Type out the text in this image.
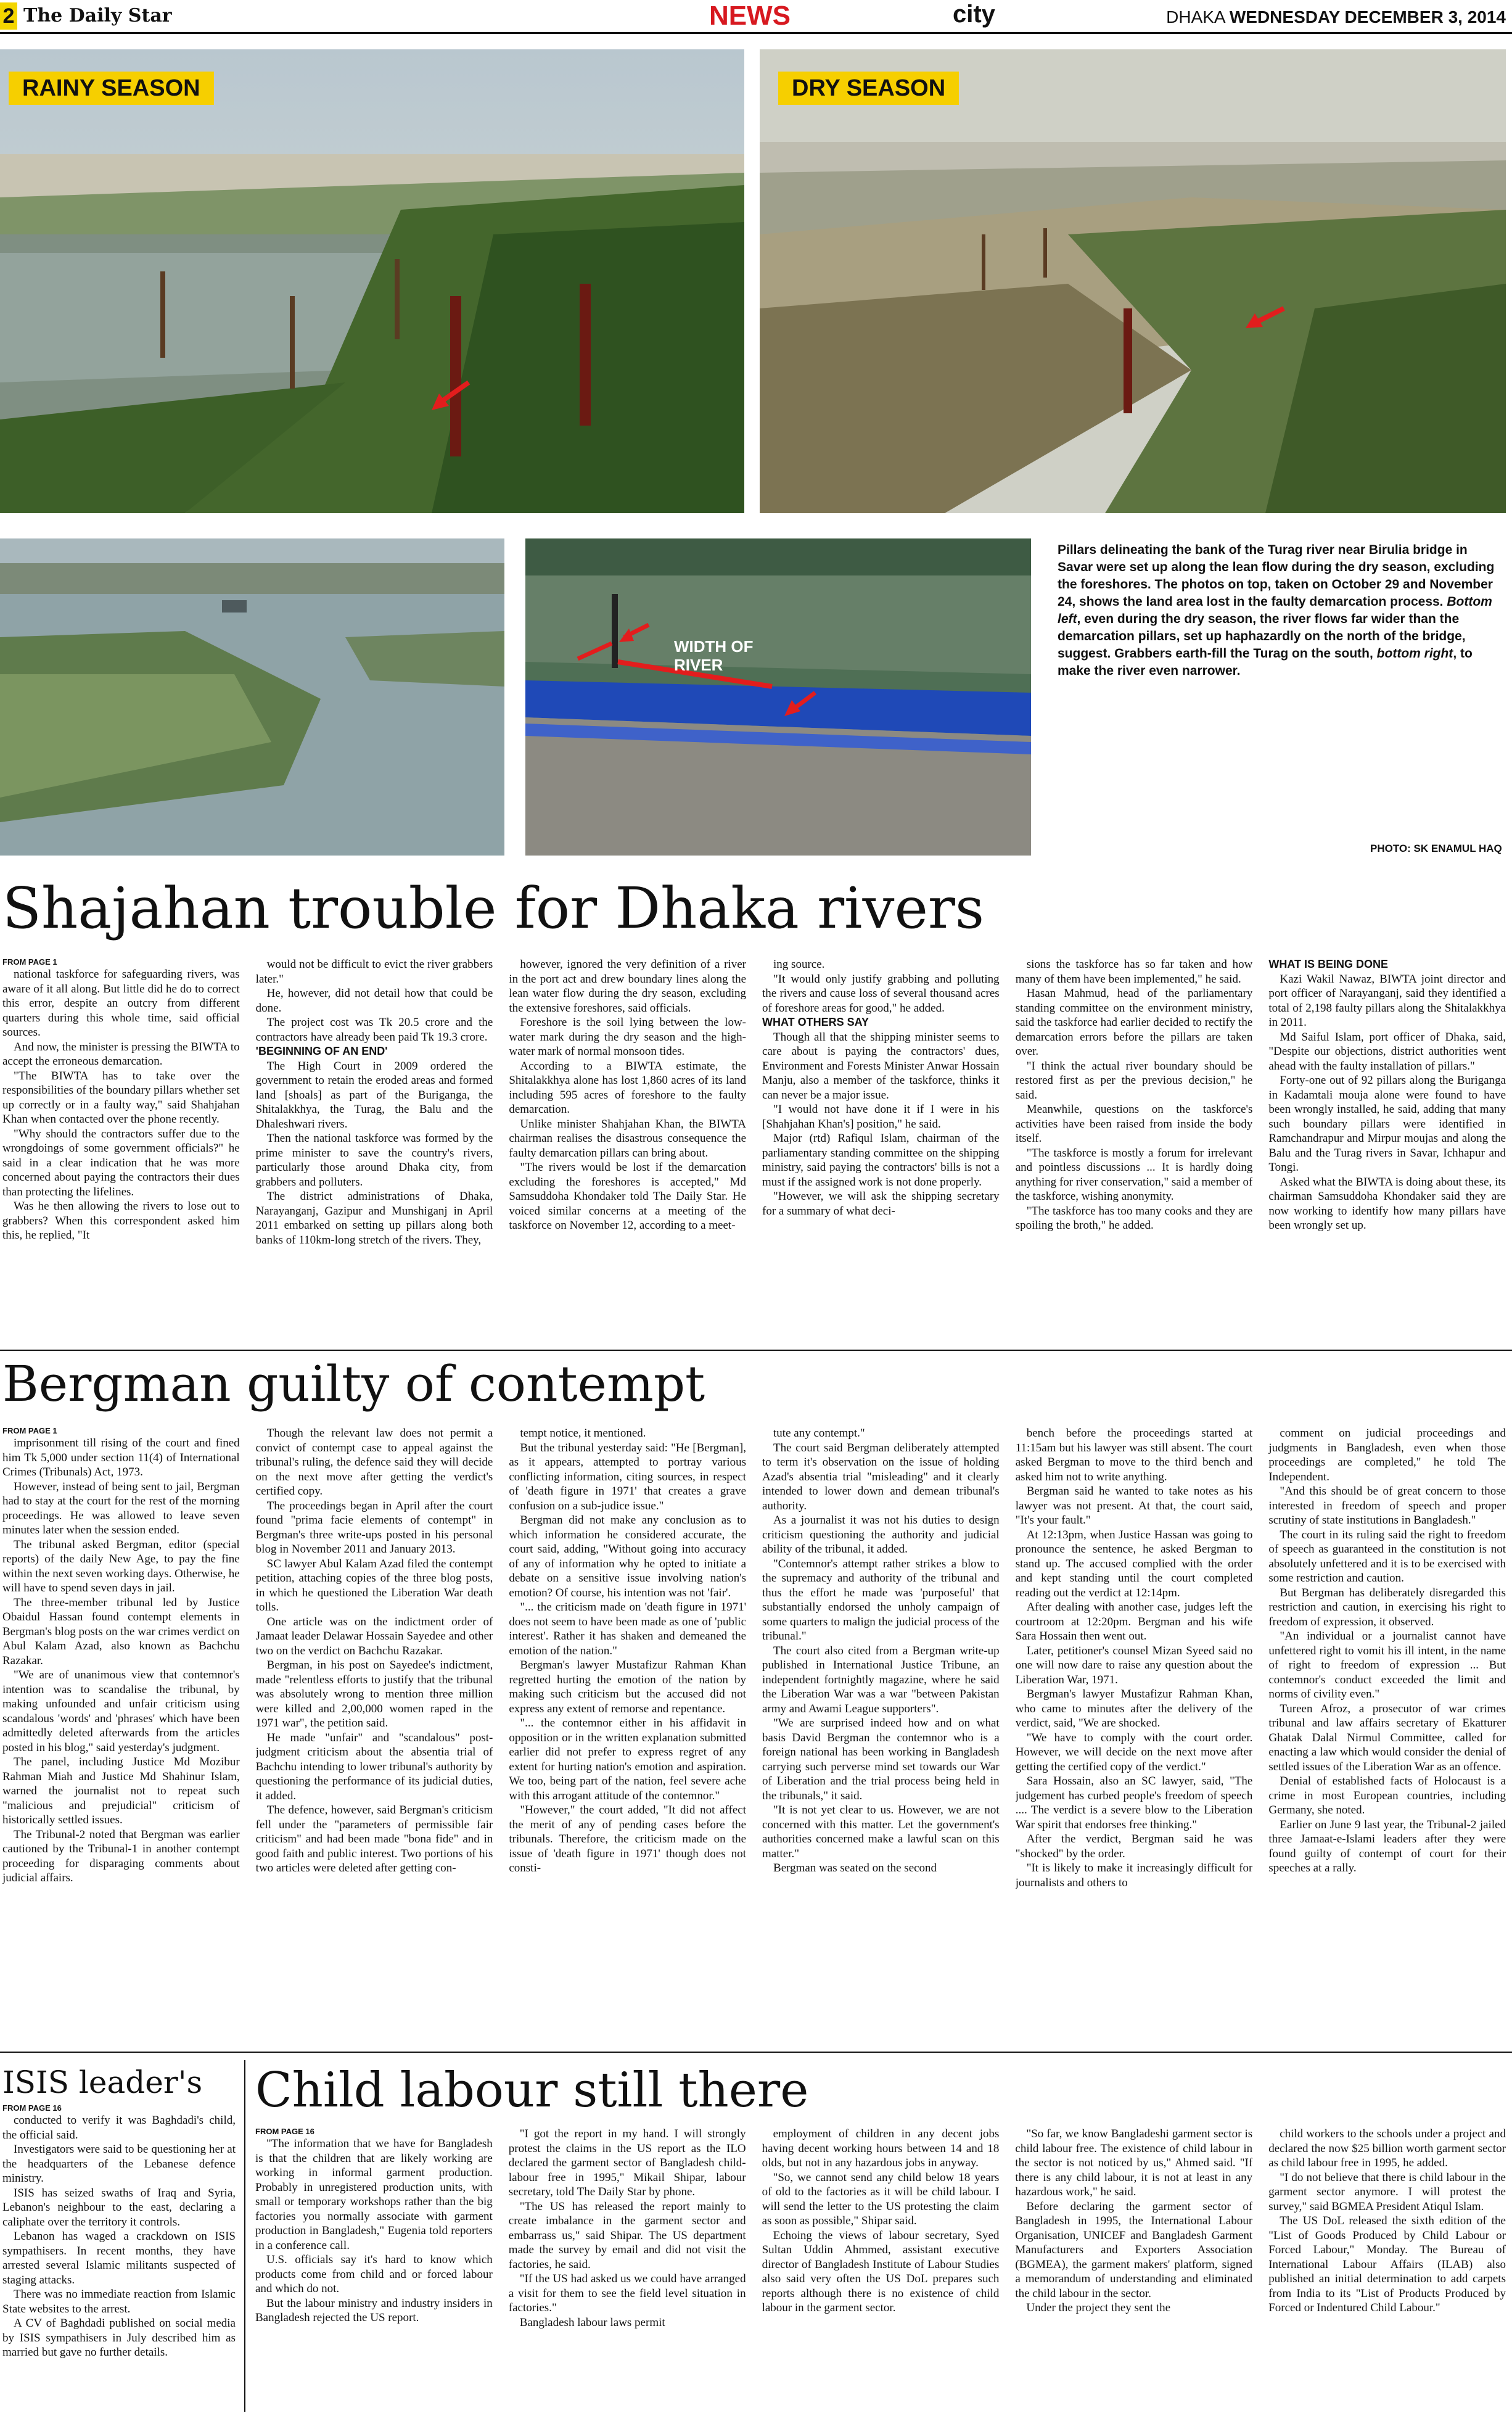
2 The Daily Star	NEWS	city	DHAKA WEDNESDAY DECEMBER 3, 2014
RAINY SEASON	DRY SEASON
WIDTH OF
RIVER
Pillars delineating the bank of the Turag river near Birulia bridge in Savar were set up along the lean flow during the dry season, excluding the foreshores. The photos on top, taken on October 29 and November 24, shows the land area lost in the faulty demarcation process. Bottom left, even during the dry season, the river flows far wider than the demarcation pillars, set up haphazardly on the north of the bridge, suggest. Grabbers earth-fill the Turag on the south, bottom right, to make the river even narrower.
PHOTO: SK ENAMUL HAQ
Shajahan trouble for Dhaka rivers
FROM PAGE 1

national taskforce for safeguarding rivers, was aware of it all along. But little did he do to correct this error, despite an outcry from different quarters during this whole time, said official sources.

And now, the minister is pressing the BIWTA to accept the erroneous demarcation.

"The BIWTA has to take over the responsibilities of the boundary pillars whether set up correctly or in a faulty way," said Shahjahan Khan when contacted over the phone recently.

"Why should the contractors suffer due to the wrongdoings of some government officials?" he said in a clear indication that he was more concerned about paying the contractors their dues than protecting the lifelines.

Was he then allowing the rivers to lose out to grabbers? When this correspondent asked him this, he replied, "It

would not be difficult to evict the river grabbers later."

He, however, did not detail how that could be done.

The project cost was Tk 20.5 crore and the contractors have already been paid Tk 19.3 crore.

'BEGINNING OF AN END'

The High Court in 2009 ordered the government to retain the eroded areas and formed land [shoals] as part of the Buriganga, the Shitalakkhya, the Turag, the Balu and the Dhaleshwari rivers.

Then the national taskforce was formed by the prime minister to save the country's rivers, particularly those around Dhaka city, from grabbers and polluters.

The district administrations of Dhaka, Narayanganj, Gazipur and Munshiganj in April 2011 embarked on setting up pillars along both banks of 110km-long stretch of the rivers. They,

however, ignored the very definition of a river in the port act and drew boundary lines along the lean water flow during the dry season, excluding the extensive foreshores, said officials.

Foreshore is the soil lying between the low-water mark during the dry season and the high-water mark of normal monsoon tides.

According to a BIWTA estimate, the Shitalakkhya alone has lost 1,860 acres of its land including 595 acres of foreshore to the faulty demarcation.

Unlike minister Shahjahan Khan, the BIWTA chairman realises the disastrous consequence the faulty demarcation pillars can bring about.

"The rivers would be lost if the demarcation excluding the foreshores is accepted," Md Samsuddoha Khondaker told The Daily Star. He voiced similar concerns at a meeting of the taskforce on November 12, according to a meet-

ing source.

"It would only justify grabbing and polluting the rivers and cause loss of several thousand acres of foreshore areas for good," he added.

WHAT OTHERS SAY

Though all that the shipping minister seems to care about is paying the contractors' dues, Environment and Forests Minister Anwar Hossain Manju, also a member of the taskforce, thinks it can never be a major issue.

"I would not have done it if I were in his [Shahjahan Khan's] position," he said.

Major (rtd) Rafiqul Islam, chairman of the parliamentary standing committee on the shipping ministry, said paying the contractors' bills is not a must if the assigned work is not done properly.

"However, we will ask the shipping secretary for a summary of what deci-

sions the taskforce has so far taken and how many of them have been implemented," he said.

Hasan Mahmud, head of the parliamentary standing committee on the environment ministry, said the taskforce had earlier decided to rectify the demarcation errors before the pillars are taken over.

"I think the actual river boundary should be restored first as per the previous decision," he said.

Meanwhile, questions on the taskforce's activities have been raised from inside the body itself.

"The taskforce is mostly a forum for irrelevant and pointless discussions ... It is hardly doing anything for river conservation," said a member of the taskforce, wishing anonymity.

"The taskforce has too many cooks and they are spoiling the broth," he added.

WHAT IS BEING DONE

Kazi Wakil Nawaz, BIWTA joint director and port officer of Narayanganj, said they identified a total of 2,198 faulty pillars along the Shitalakkhya in 2011.

Md Saiful Islam, port officer of Dhaka, said, "Despite our objections, district authorities went ahead with the faulty installation of pillars."

Forty-one out of 92 pillars along the Buriganga in Kadamtali mouja alone were found to have been wrongly installed, he said, adding that many such boundary pillars were identified in Ramchandrapur and Mirpur moujas and along the Balu and the Turag rivers in Savar, Ichhapur and Tongi.

Asked what the BIWTA is doing about these, its chairman Samsuddoha Khondaker said they are now working to identify how many pillars have been wrongly set up.

Bergman guilty of contempt
FROM PAGE 1

imprisonment till rising of the court and fined him Tk 5,000 under section 11(4) of International Crimes (Tribunals) Act, 1973.

However, instead of being sent to jail, Bergman had to stay at the court for the rest of the morning proceedings. He was allowed to leave seven minutes later when the session ended.

The tribunal asked Bergman, editor (special reports) of the daily New Age, to pay the fine within the next seven working days. Otherwise, he will have to spend seven days in jail.

The three-member tribunal led by Justice Obaidul Hassan found contempt elements in Bergman's blog posts on the war crimes verdict on Abul Kalam Azad, also known as Bachchu Razakar.

"We are of unanimous view that contemnor's intention was to scandalise the tribunal, by making unfounded and unfair criticism using scandalous 'words' and 'phrases' which have been admittedly deleted afterwards from the articles posted in his blog," said yesterday's judgment.

The panel, including Justice Md Mozibur Rahman Miah and Justice Md Shahinur Islam, warned the journalist not to repeat such "malicious and prejudicial" criticism of historically settled issues.

The Tribunal-2 noted that Bergman was earlier cautioned by the Tribunal-1 in another contempt proceeding for disparaging comments about judicial affairs.

Though the relevant law does not permit a convict of contempt case to appeal against the tribunal's ruling, the defence said they will decide on the next move after getting the verdict's certified copy.

The proceedings began in April after the court found "prima facie elements of contempt" in Bergman's three write-ups posted in his personal blog in November 2011 and January 2013.

SC lawyer Abul Kalam Azad filed the contempt petition, attaching copies of the three blog posts, in which he questioned the Liberation War death tolls.

One article was on the indictment order of Jamaat leader Delawar Hossain Sayedee and other two on the verdict on Bachchu Razakar.

Bergman, in his post on Sayedee's indictment, made "relentless efforts to justify that the tribunal was absolutely wrong to mention three million were killed and 2,00,000 women raped in the 1971 war", the petition said.

He made "unfair" and "scandalous" post-judgment criticism about the absentia trial of Bachchu intending to lower tribunal's authority by questioning the performance of its judicial duties, it added.

The defence, however, said Bergman's criticism fell under the "parameters of permissible fair criticism" and had been made "bona fide" and in good faith and public interest. Two portions of his two articles were deleted after getting con-

tempt notice, it mentioned.

But the tribunal yesterday said: "He [Bergman], as it appears, attempted to portray various conflicting information, citing sources, in respect of 'death figure in 1971' that creates a grave confusion on a sub-judice issue."

Bergman did not make any conclusion as to which information he considered accurate, the court said, adding, "Without going into accuracy of any of information why he opted to initiate a debate on a sensitive issue involving nation's emotion? Of course, his intention was not 'fair'.

"... the criticism made on 'death figure in 1971' does not seem to have been made as one of 'public interest'. Rather it has shaken and demeaned the emotion of the nation."

Bergman's lawyer Mustafizur Rahman Khan regretted hurting the emotion of the nation by making such criticism but the accused did not express any extent of remorse and repentance.

"... the contemnor either in his affidavit in opposition or in the written explanation submitted earlier did not prefer to express regret of any extent for hurting nation's emotion and aspiration. We too, being part of the nation, feel severe ache with this arrogant attitude of the contemnor."

"However," the court added, "It did not affect the merit of any of pending cases before the tribunals. Therefore, the criticism made on the issue of 'death figure in 1971' though does not consti-

tute any contempt."

The court said Bergman deliberately attempted to term it's observation on the issue of holding Azad's absentia trial "misleading" and it clearly intended to lower down and demean tribunal's authority.

As a journalist it was not his duties to design criticism questioning the authority and judicial ability of the tribunal, it added.

"Contemnor's attempt rather strikes a blow to the supremacy and authority of the tribunal and thus the effort he made was 'purposeful' that substantially endorsed the unholy campaign of some quarters to malign the judicial process of the tribunal."

The court also cited from a Bergman write-up published in International Justice Tribune, an independent fortnightly magazine, where he said the Liberation War was a war "between Pakistan army and Awami League supporters".

"We are surprised indeed how and on what basis David Bergman the contemnor who is a foreign national has been working in Bangladesh carrying such perverse mind set towards our War of Liberation and the trial process being held in the tribunals," it said.

"It is not yet clear to us. However, we are not concerned with this matter. Let the government's authorities concerned make a lawful scan on this matter."

Bergman was seated on the second

bench before the proceedings started at 11:15am but his lawyer was still absent. The court asked Bergman to move to the third bench and asked him not to write anything.

Bergman said he wanted to take notes as his lawyer was not present. At that, the court said, "It's your fault."

At 12:13pm, when Justice Hassan was going to pronounce the sentence, he asked Bergman to stand up. The accused complied with the order and kept standing until the court completed reading out the verdict at 12:14pm.

After dealing with another case, judges left the courtroom at 12:20pm. Bergman and his wife Sara Hossain then went out.

Later, petitioner's counsel Mizan Syeed said no one will now dare to raise any question about the Liberation War, 1971.

Bergman's lawyer Mustafizur Rahman Khan, who came to minutes after the delivery of the verdict, said, "We are shocked.

"We have to comply with the court order. However, we will decide on the next move after getting the certified copy of the verdict."

Sara Hossain, also an SC lawyer, said, "The judgement has curbed people's freedom of speech .... The verdict is a severe blow to the Liberation War spirit that endorses free thinking."

After the verdict, Bergman said he was "shocked" by the order.

"It is likely to make it increasingly difficult for journalists and others to

comment on judicial proceedings and judgments in Bangladesh, even when those proceedings are completed," he told The Independent.

"And this should be of great concern to those interested in freedom of speech and proper scrutiny of state institutions in Bangladesh."

The court in its ruling said the right to freedom of speech as guaranteed in the constitution is not absolutely unfettered and it is to be exercised with some restriction and caution.

But Bergman has deliberately disregarded this restriction and caution, in exercising his right to freedom of expression, it observed.

"An individual or a journalist cannot have unfettered right to vomit his ill intent, in the name of right to freedom of expression ... But contemnor's conduct exceeded the limit and norms of civility even."

Tureen Afroz, a prosecutor of war crimes tribunal and law affairs secretary of Ekatturer Ghatak Dalal Nirmul Committee, called for enacting a law which would consider the denial of settled issues of the Liberation War as an offence.

Denial of established facts of Holocaust is a crime in most European countries, including Germany, she noted.

Earlier on June 9 last year, the Tribunal-2 jailed three Jamaat-e-Islami leaders after they were found guilty of contempt of court for their speeches at a rally.

ISIS leader's
FROM PAGE 16

conducted to verify it was Baghdadi's child, the official said.

Investigators were said to be questioning her at the headquarters of the Lebanese defence ministry.

ISIS has seized swaths of Iraq and Syria, Lebanon's neighbour to the east, declaring a caliphate over the territory it controls.

Lebanon has waged a crackdown on ISIS sympathisers. In recent months, they have arrested several Islamic militants suspected of staging attacks.

There was no immediate reaction from Islamic State websites to the arrest.

A CV of Baghdadi published on social media by ISIS sympathisers in July described him as married but gave no further details.

Child labour still there
FROM PAGE 16

"The information that we have for Bangladesh is that the children that are likely working are working in informal garment production. Probably in unregistered production units, with small or temporary workshops rather than the big factories you normally associate with garment production in Bangladesh," Eugenia told reporters in a conference call.

U.S. officials say it's hard to know which products come from child and or forced labour and which do not.

But the labour ministry and industry insiders in Bangladesh rejected the US report.

"I got the report in my hand. I will strongly protest the claims in the US report as the ILO declared the garment sector of Bangladesh child-labour free in 1995," Mikail Shipar, labour secretary, told The Daily Star by phone.

"The US has released the report mainly to create imbalance in the garment sector and embarrass us," said Shipar. The US department made the survey by email and did not visit the factories, he said.

"If the US had asked us we could have arranged a visit for them to see the field level situation in factories."

Bangladesh labour laws permit

employment of children in any decent jobs having decent working hours between 14 and 18 olds, but not in any hazardous jobs in anyway.

"So, we cannot send any child below 18 years of old to the factories as it will be child labour. I will send the letter to the US protesting the claim as soon as possible," Shipar said.

Echoing the views of labour secretary, Syed Sultan Uddin Ahmmed, assistant executive director of Bangladesh Institute of Labour Studies also said very often the US DoL prepares such reports although there is no existence of child labour in the garment sector.

"So far, we know Bangladeshi garment sector is child labour free. The existence of child labour in the sector is not noticed by us," Ahmed said. "If there is any child labour, it is not at least in any hazardous work," he said.

Before declaring the garment sector of Bangladesh in 1995, the International Labour Organisation, UNICEF and Bangladesh Garment Manufacturers and Exporters Association (BGMEA), the garment makers' platform, signed a memorandum of understanding and eliminated the child labour in the sector.

Under the project they sent the

child workers to the schools under a project and declared the now $25 billion worth garment sector as child labour free in 1995, he added.

"I do not believe that there is child labour in the garment sector anymore. I will protest the survey," said BGMEA President Atiqul Islam.

The US DoL released the sixth edition of the "List of Goods Produced by Child Labour or Forced Labour," Monday. The Bureau of International Labour Affairs (ILAB) also published an initial determination to add carpets from India to its "List of Products Produced by Forced or Indentured Child Labour."
